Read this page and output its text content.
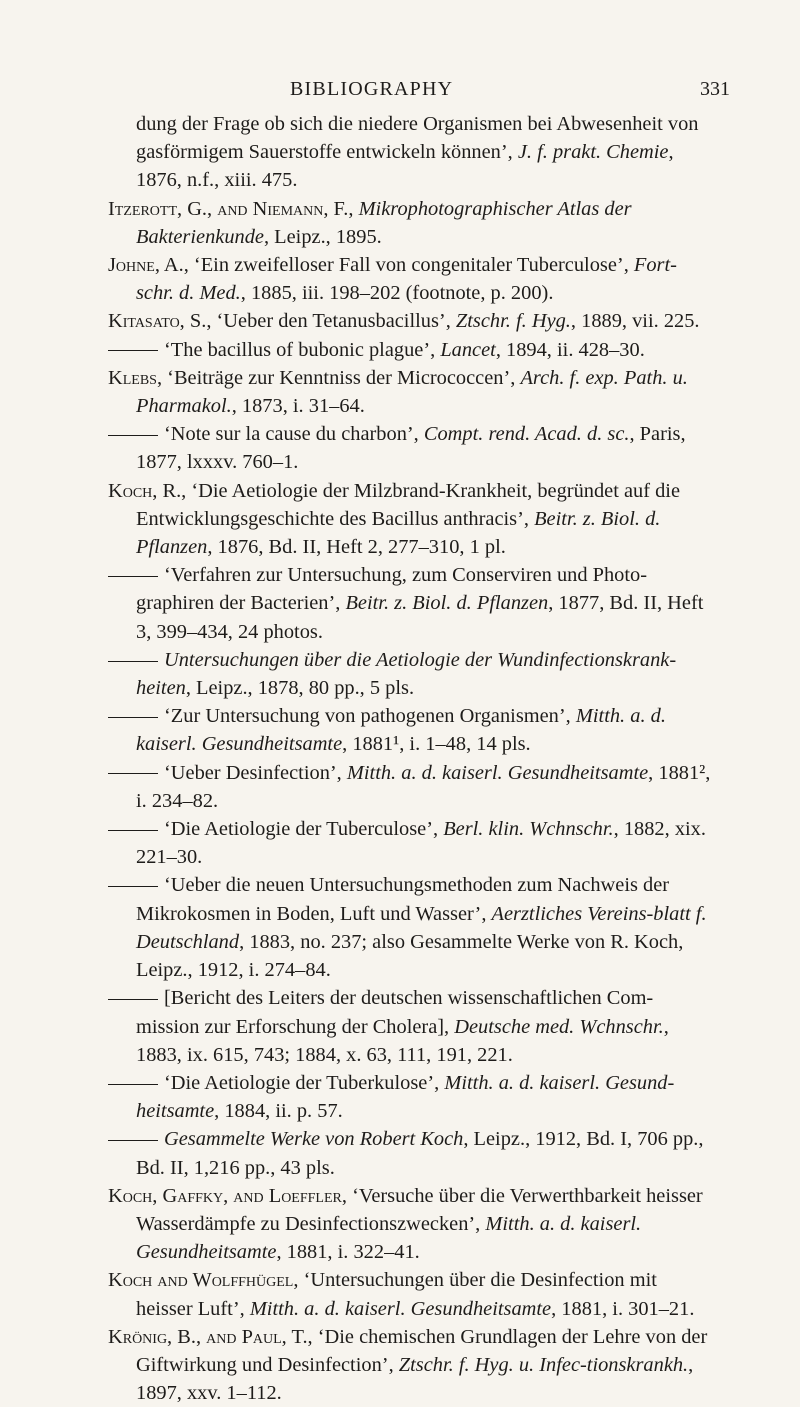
BIBLIOGRAPHY	331

dung der Frage ob sich die niedere Organismen bei Abwesenheit von gasförmigem Sauerstoffe entwickeln können’, J. f. prakt. Chemie, 1876, n.f., xiii. 475.

Itzerott, G., and Niemann, F., Mikrophotographischer Atlas der Bakterienkunde, Leipz., 1895.

Johne, A., ‘Ein zweifelloser Fall von congenitaler Tuberculose’, Fort-schr. d. Med., 1885, iii. 198–202 (footnote, p. 200).

Kitasato, S., ‘Ueber den Tetanusbacillus’, Ztschr. f. Hyg., 1889, vii. 225.

‘The bacillus of bubonic plague’, Lancet, 1894, ii. 428–30.

Klebs, ‘Beiträge zur Kenntniss der Micrococcen’, Arch. f. exp. Path. u. Pharmakol., 1873, i. 31–64.

‘Note sur la cause du charbon’, Compt. rend. Acad. d. sc., Paris, 1877, lxxxv. 760–1.

Koch, R., ‘Die Aetiologie der Milzbrand-Krankheit, begründet auf die Entwicklungsgeschichte des Bacillus anthracis’, Beitr. z. Biol. d. Pflanzen, 1876, Bd. II, Heft 2, 277–310, 1 pl.

‘Verfahren zur Untersuchung, zum Conserviren und Photo-graphiren der Bacterien’, Beitr. z. Biol. d. Pflanzen, 1877, Bd. II, Heft 3, 399–434, 24 photos.

Untersuchungen über die Aetiologie der Wundinfectionskrank-heiten, Leipz., 1878, 80 pp., 5 pls.

‘Zur Untersuchung von pathogenen Organismen’, Mitth. a. d. kaiserl. Gesundheitsamte, 1881¹, i. 1–48, 14 pls.

‘Ueber Desinfection’, Mitth. a. d. kaiserl. Gesundheitsamte, 1881², i. 234–82.

‘Die Aetiologie der Tuberculose’, Berl. klin. Wchnschr., 1882, xix. 221–30.

‘Ueber die neuen Untersuchungsmethoden zum Nachweis der Mikrokosmen in Boden, Luft und Wasser’, Aerztliches Vereins-blatt f. Deutschland, 1883, no. 237; also Gesammelte Werke von R. Koch, Leipz., 1912, i. 274–84.

[Bericht des Leiters der deutschen wissenschaftlichen Com-mission zur Erforschung der Cholera], Deutsche med. Wchnschr., 1883, ix. 615, 743; 1884, x. 63, 111, 191, 221.

‘Die Aetiologie der Tuberkulose’, Mitth. a. d. kaiserl. Gesund-heitsamte, 1884, ii. p. 57.

Gesammelte Werke von Robert Koch, Leipz., 1912, Bd. I, 706 pp., Bd. II, 1,216 pp., 43 pls.

Koch, Gaffky, and Loeffler, ‘Versuche über die Verwerthbarkeit heisser Wasserdämpfe zu Desinfectionszwecken’, Mitth. a. d. kaiserl. Gesundheitsamte, 1881, i. 322–41.

Koch and Wolffhügel, ‘Untersuchungen über die Desinfection mit heisser Luft’, Mitth. a. d. kaiserl. Gesundheitsamte, 1881, i. 301–21.

Krönig, B., and Paul, T., ‘Die chemischen Grundlagen der Lehre von der Giftwirkung und Desinfection’, Ztschr. f. Hyg. u. Infec-tionskrankh., 1897, xxv. 1–112.
